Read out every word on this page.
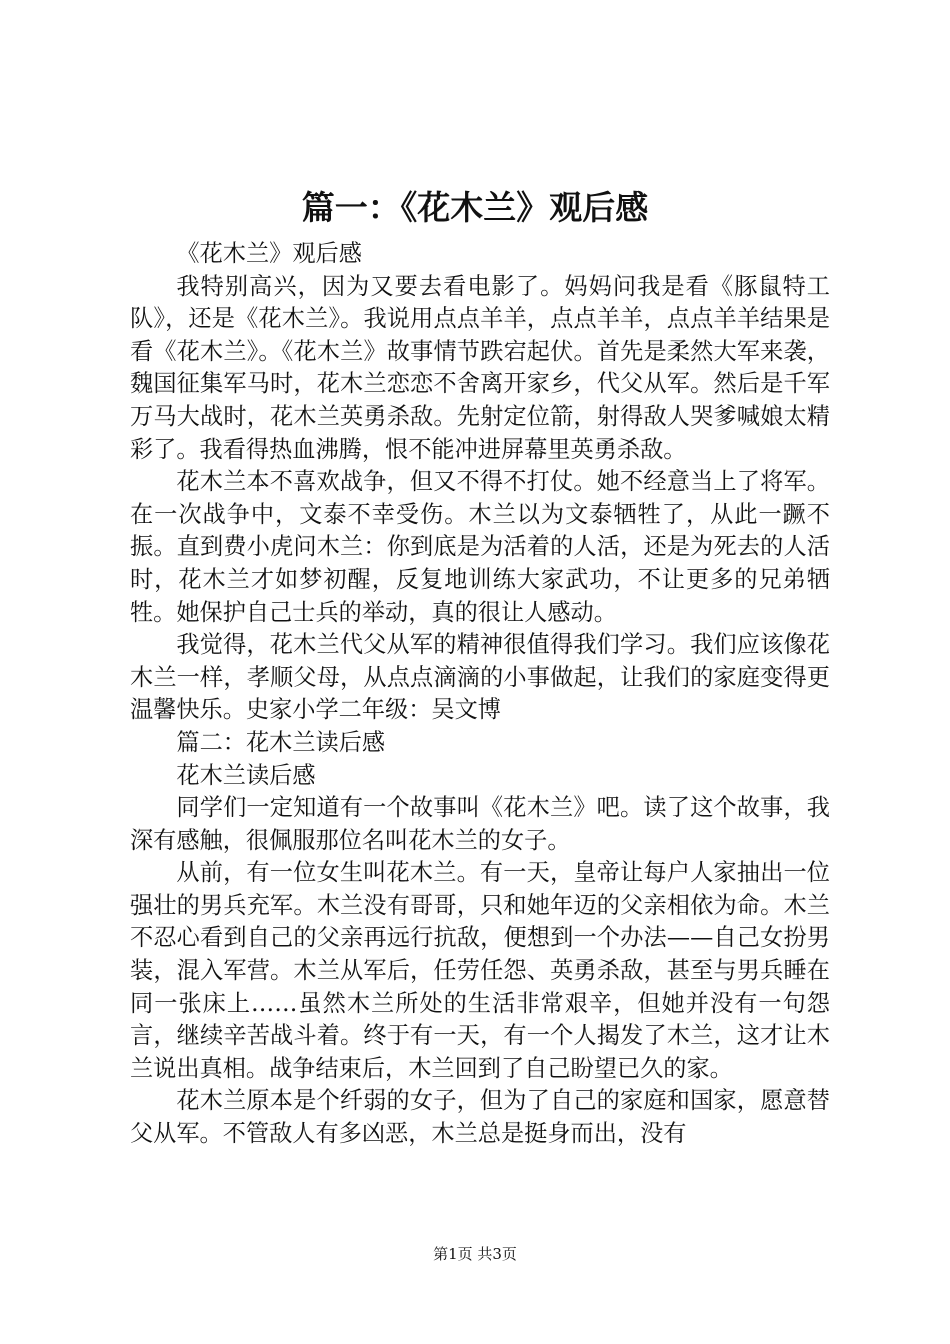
篇一：《花木兰》观后感

《花木兰》观后感

我特别高兴，因为又要去看电影了。妈妈问我是看《豚鼠特工队》，还是《花木兰》。我说用点点羊羊，点点羊羊，点点羊羊结果是看《花木兰》。《花木兰》故事情节跌宕起伏。首先是柔然大军来袭，魏国征集军马时，花木兰恋恋不舍离开家乡，代父从军。然后是千军万马大战时，花木兰英勇杀敌。先射定位箭，射得敌人哭爹喊娘太精彩了。我看得热血沸腾，恨不能冲进屏幕里英勇杀敌。

花木兰本不喜欢战争，但又不得不打仗。她不经意当上了将军。在一次战争中，文泰不幸受伤。木兰以为文泰牺牲了，从此一蹶不振。直到费小虎问木兰：你到底是为活着的人活，还是为死去的人活时，花木兰才如梦初醒，反复地训练大家武功，不让更多的兄弟牺牲。她保护自己士兵的举动，真的很让人感动。

我觉得，花木兰代父从军的精神很值得我们学习。我们应该像花木兰一样，孝顺父母，从点点滴滴的小事做起，让我们的家庭变得更温馨快乐。史家小学二年级：吴文博

篇二：花木兰读后感

花木兰读后感

同学们一定知道有一个故事叫《花木兰》吧。读了这个故事，我深有感触，很佩服那位名叫花木兰的女子。

从前，有一位女生叫花木兰。有一天，皇帝让每户人家抽出一位强壮的男兵充军。木兰没有哥哥，只和她年迈的父亲相依为命。木兰不忍心看到自己的父亲再远行抗敌，便想到一个办法——自己女扮男装，混入军营。木兰从军后，任劳任怨、英勇杀敌，甚至与男兵睡在同一张床上……虽然木兰所处的生活非常艰辛，但她并没有一句怨言，继续辛苦战斗着。终于有一天，有一个人揭发了木兰，这才让木兰说出真相。战争结束后，木兰回到了自己盼望已久的家。

花木兰原本是个纤弱的女子，但为了自己的家庭和国家，愿意替父从军。不管敌人有多凶恶，木兰总是挺身而出，没有

第1页 共3页
